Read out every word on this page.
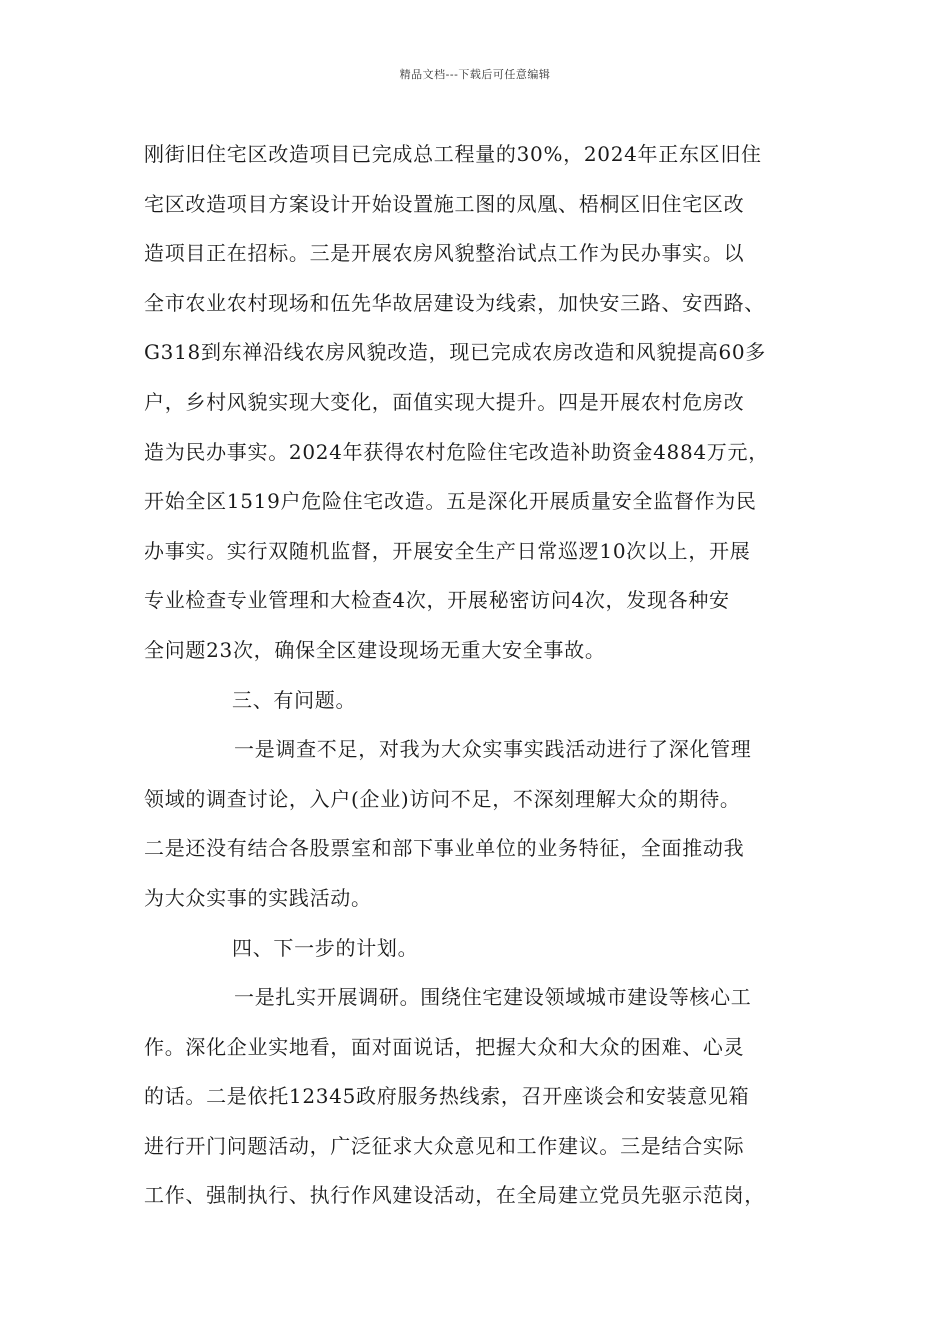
精品文档---下载后可任意编辑
刚街旧住宅区改造项目已完成总工程量的30%，2024年正东区旧住
宅区改造项目方案设计开始设置施工图的凤凰、梧桐区旧住宅区改
造项目正在招标。三是开展农房风貌整治试点工作为民办事实。以
全市农业农村现场和伍先华故居建设为线索，加快安三路、安西路、
G318到东禅沿线农房风貌改造，现已完成农房改造和风貌提高60多
户，乡村风貌实现大变化，面值实现大提升。四是开展农村危房改
造为民办事实。2024年获得农村危险住宅改造补助资金4884万元，
开始全区1519户危险住宅改造。五是深化开展质量安全监督作为民
办事实。实行双随机监督，开展安全生产日常巡逻10次以上，开展
专业检查专业管理和大检查4次，开展秘密访问4次，发现各种安
全问题23次，确保全区建设现场无重大安全事故。
三、有问题。
一是调查不足，对我为大众实事实践活动进行了深化管理
领域的调查讨论，入户(企业)访问不足，不深刻理解大众的期待。
二是还没有结合各股票室和部下事业单位的业务特征，全面推动我
为大众实事的实践活动。
四、下一步的计划。
一是扎实开展调研。围绕住宅建设领域城市建设等核心工
作。深化企业实地看，面对面说话，把握大众和大众的困难、心灵
的话。二是依托12345政府服务热线索，召开座谈会和安装意见箱
进行开门问题活动，广泛征求大众意见和工作建议。三是结合实际
工作、强制执行、执行作风建设活动，在全局建立党员先驱示范岗，
